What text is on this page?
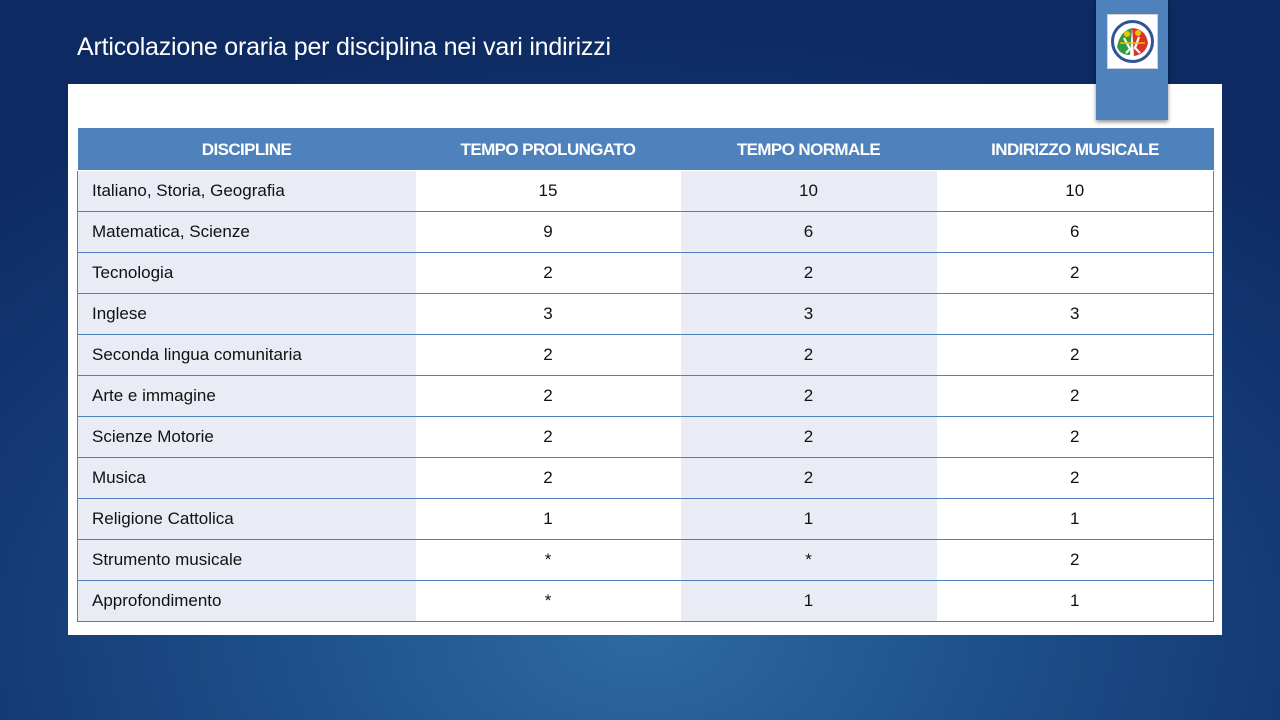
Articolazione oraria per disciplina nei vari indirizzi
DISCIPLINE	TEMPO PROLUNGATO	TEMPO NORMALE	INDIRIZZO MUSICALE
Italiano, Storia, Geografia	15	10	10
Matematica, Scienze	9	6	6
Tecnologia	2	2	2
Inglese	3	3	3
Seconda lingua comunitaria	2	2	2
Arte e immagine	2	2	2
Scienze Motorie	2	2	2
Musica	2	2	2
Religione Cattolica	1	1	1
Strumento musicale	*	*	2
Approfondimento	*	1	1
